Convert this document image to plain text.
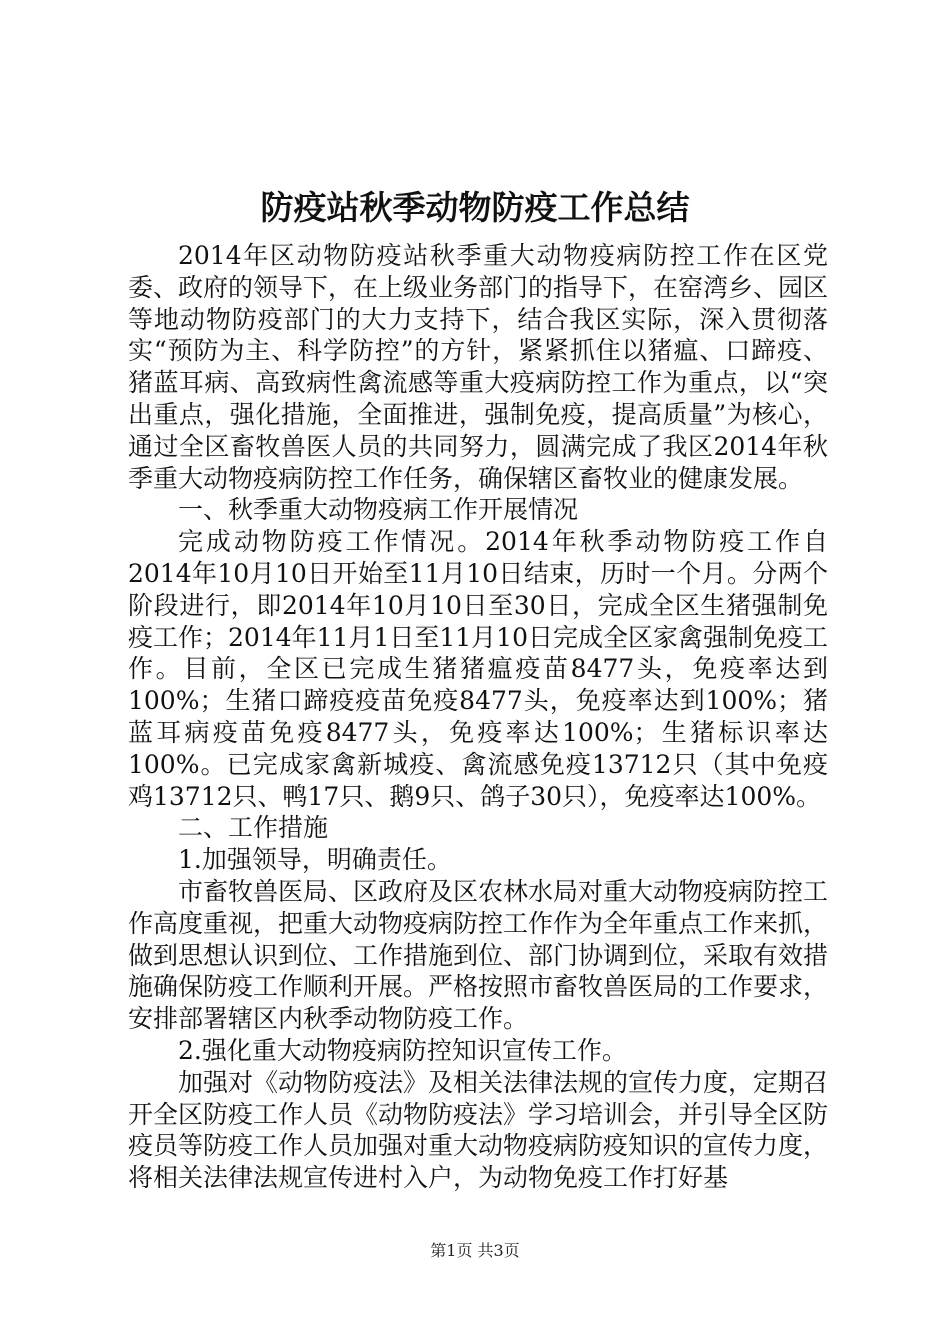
防疫站秋季动物防疫工作总结

2014年区动物防疫站秋季重大动物疫病防控工作在区党委、政府的领导下，在上级业务部门的指导下，在窑湾乡、园区等地动物防疫部门的大力支持下，结合我区实际，深入贯彻落实“预防为主、科学防控”的方针，紧紧抓住以猪瘟、口蹄疫、猪蓝耳病、高致病性禽流感等重大疫病防控工作为重点，以“突出重点，强化措施，全面推进，强制免疫，提高质量”为核心，通过全区畜牧兽医人员的共同努力，圆满完成了我区2014年秋季重大动物疫病防控工作任务，确保辖区畜牧业的健康发展。

一、秋季重大动物疫病工作开展情况

完成动物防疫工作情况。2014年秋季动物防疫工作自2014年10月10日开始至11月10日结束，历时一个月。分两个阶段进行，即2014年10月10日至30日，完成全区生猪强制免疫工作；2014年11月1日至11月10日完成全区家禽强制免疫工作。目前，全区已完成生猪猪瘟疫苗8477头，免疫率达到100%；生猪口蹄疫疫苗免疫8477头，免疫率达到100%；猪蓝耳病疫苗免疫8477头，免疫率达100%；生猪标识率达100%。已完成家禽新城疫、禽流感免疫13712只（其中免疫鸡13712只、鸭17只、鹅9只、鸽子30只），免疫率达100%。

二、工作措施

1.加强领导，明确责任。

市畜牧兽医局、区政府及区农林水局对重大动物疫病防控工作高度重视，把重大动物疫病防控工作作为全年重点工作来抓，做到思想认识到位、工作措施到位、部门协调到位，采取有效措施确保防疫工作顺利开展。严格按照市畜牧兽医局的工作要求，安排部署辖区内秋季动物防疫工作。

2.强化重大动物疫病防控知识宣传工作。

加强对《动物防疫法》及相关法律法规的宣传力度，定期召开全区防疫工作人员《动物防疫法》学习培训会，并引导全区防疫员等防疫工作人员加强对重大动物疫病防疫知识的宣传力度，将相关法律法规宣传进村入户，为动物免疫工作打好基

第1页 共3页
